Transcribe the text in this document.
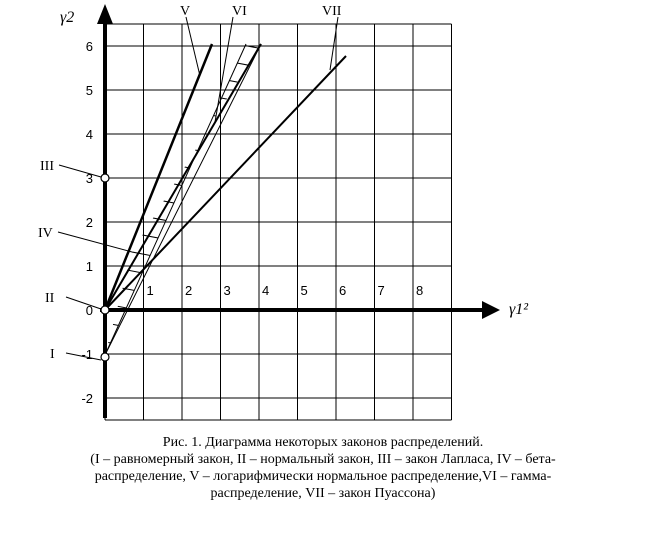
γ2
γ1²
1 2 3 4 5 6 7 8
6
5
4
3
2
1
0
-1
-2
I
II
III
IV
V	VI	VII
Рис. 1. Диаграмма некоторых законов распределений.
(I – равномерный закон, II – нормальный закон, III – закон Лапласа, IV – бета-
распределение, V – логарифмически нормальное распределение,VI – гамма-
распределение, VII – закон Пуассона)
